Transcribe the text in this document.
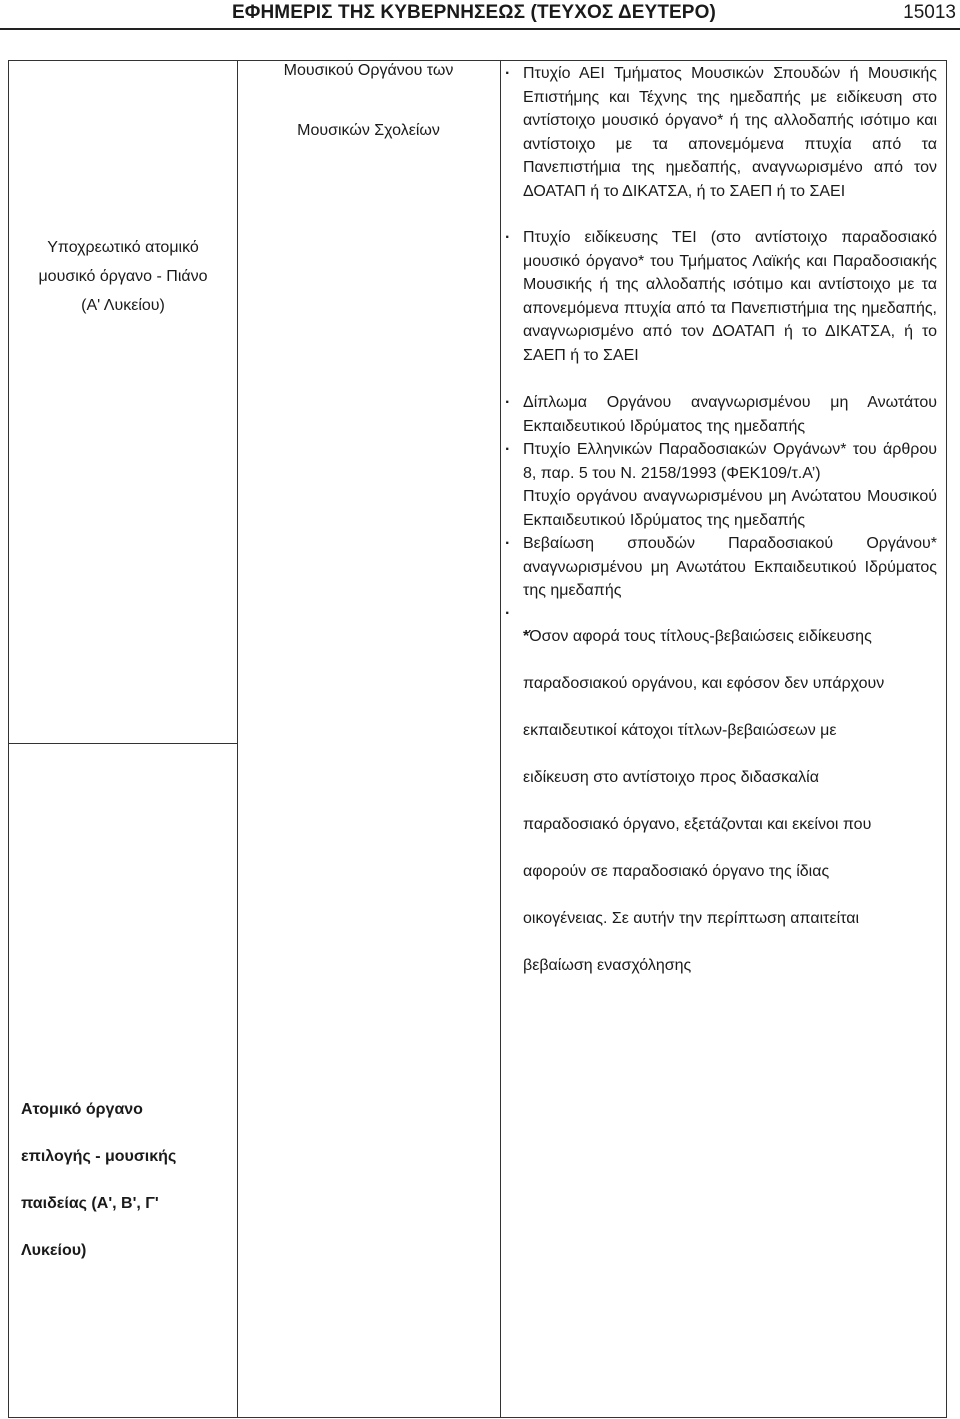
ΕΦΗΜΕΡΙΣ ΤΗΣ ΚΥΒΕΡΝΗΣΕΩΣ (ΤΕΥΧΟΣ ΔΕΥΤΕΡΟ)	15013
Υποχρεωτικό ατομικό
μουσικό όργανο - Πιάνο
(Α' Λυκείου)
Μουσικού Οργάνου των
Μουσικών Σχολείων
· Πτυχίο ΑΕΙ Τμήματος Μουσικών Σπουδών ή Μουσικής Επιστήμης και Τέχνης της ημεδαπής με ειδίκευση στο αντίστοιχο μουσικό όργανο* ή της αλλοδαπής ισότιμο και αντίστοιχο με τα απονεμόμενα πτυχία από τα Πανεπιστήμια της ημεδαπής, αναγνωρισμένο από τον ΔΟΑΤΑΠ ή το ΔΙΚΑΤΣΑ, ή το ΣΑΕΠ ή το ΣΑΕΙ
· Πτυχίο ειδίκευσης ΤΕΙ (στο αντίστοιχο παραδοσιακό μουσικό όργανο* του Τμήματος Λαϊκής και Παραδοσιακής Μουσικής ή της αλλοδαπής ισότιμο και αντίστοιχο με τα απονεμόμενα πτυχία από τα Πανεπιστήμια της ημεδαπής, αναγνωρισμένο από τον ΔΟΑΤΑΠ ή το ΔΙΚΑΤΣΑ, ή το ΣΑΕΠ ή το ΣΑΕΙ
· Δίπλωμα Οργάνου αναγνωρισμένου μη Ανωτάτου Εκπαιδευτικού Ιδρύματος της ημεδαπής
· Πτυχίο Ελληνικών Παραδοσιακών Οργάνων* του άρθρου 8, παρ. 5 του Ν. 2158/1993 (ΦΕΚ109/τ.Α’)
Πτυχίο οργάνου αναγνωρισμένου μη Ανώτατου Μουσικού Εκπαιδευτικού Ιδρύματος της ημεδαπής
· Βεβαίωση σπουδών Παραδοσιακού Οργάνου* αναγνωρισμένου μη Ανωτάτου Εκπαιδευτικού Ιδρύματος της ημεδαπής
·
*Όσον αφορά τους τίτλους-βεβαιώσεις ειδίκευσης
παραδοσιακού οργάνου, και εφόσον δεν υπάρχουν
εκπαιδευτικοί κάτοχοι τίτλων-βεβαιώσεων με
ειδίκευση στο αντίστοιχο προς διδασκαλία
παραδοσιακό όργανο, εξετάζονται και εκείνοι που
αφορούν σε παραδοσιακό όργανο της ίδιας
οικογένειας. Σε αυτήν την περίπτωση απαιτείται
βεβαίωση ενασχόλησης
Ατομικό όργανο
επιλογής - μουσικής
παιδείας (Α', Β', Γ'
Λυκείου)
